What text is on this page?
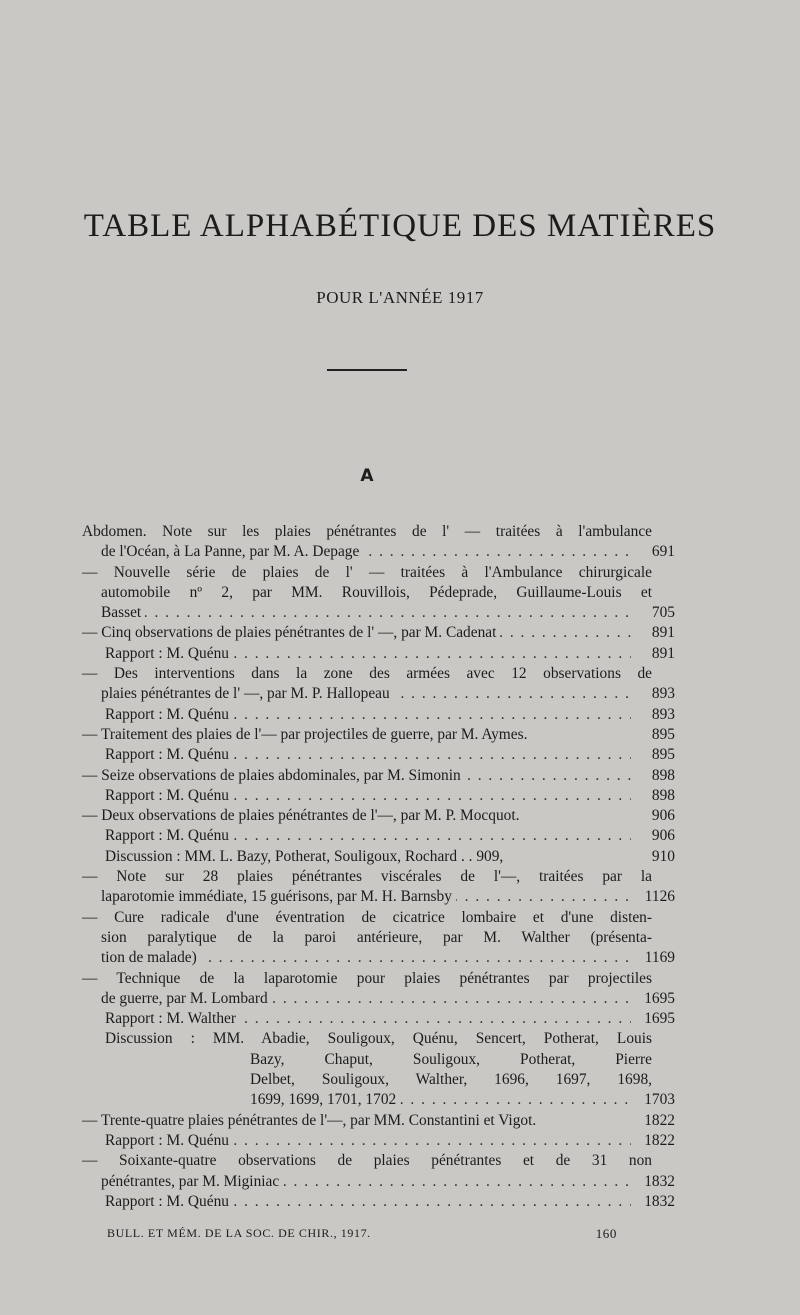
TABLE ALPHABÉTIQUE DES MATIÈRES
POUR L'ANNÉE 1917
A
Abdomen. Note sur les plaies pénétrantes de l' — traitées à l'ambulance
. . . de l'Océan, à La Panne, par M. A. Depage	691
— Nouvelle série de plaies de l' — traitées à l'Ambulance chirurgicale
automobile nº 2, par MM. Rouvillois, Pédeprade, Guillaume-Louis et
. . . Basset	705
. . . — Cinq observations de plaies pénétrantes de l' —, par M. Cadenat	891
. . . Rapport : M. Quénu	891
— Des interventions dans la zone des armées avec 12 observations de
. . . plaies pénétrantes de l' —, par M. P. Hallopeau	893
. . . Rapport : M. Quénu	893
— Traitement des plaies de l'— par projectiles de guerre, par M. Aymes.	895
. . . Rapport : M. Quénu	895
. . . — Seize observations de plaies abdominales, par M. Simonin	898
. . . Rapport : M. Quénu	898
— Deux observations de plaies pénétrantes de l'—, par M. P. Mocquot.	906
. . . Rapport : M. Quénu	906
Discussion : MM. L. Bazy, Potherat, Souligoux, Rochard . . 909,	910
— Note sur 28 plaies pénétrantes viscérales de l'—, traitées par la
. . . laparotomie immédiate, 15 guérisons, par M. H. Barnsby	1126
— Cure radicale d'une éventration de cicatrice lombaire et d'une disten-
sion paralytique de la paroi antérieure, par M. Walther (présenta-
. . . tion de malade)	1169
— Technique de la laparotomie pour plaies pénétrantes par projectiles
. . . de guerre, par M. Lombard	1695
. . . Rapport : M. Walther	1695
Discussion : MM. Abadie, Souligoux, Quénu, Sencert, Potherat, Louis
Bazy, Chaput, Souligoux, Potherat, Pierre
Delbet, Souligoux, Walther, 1696, 1697, 1698,
. . . 1699, 1699, 1701, 1702	1703
— Trente-quatre plaies pénétrantes de l'—, par MM. Constantini et Vigot.	1822
. . . Rapport : M. Quénu	1822
— Soixante-quatre observations de plaies pénétrantes et de 31 non
. . . pénétrantes, par M. Miginiac	1832
. . . Rapport : M. Quénu	1832
BULL. ET MÉM. DE LA SOC. DE CHIR., 1917.	160
